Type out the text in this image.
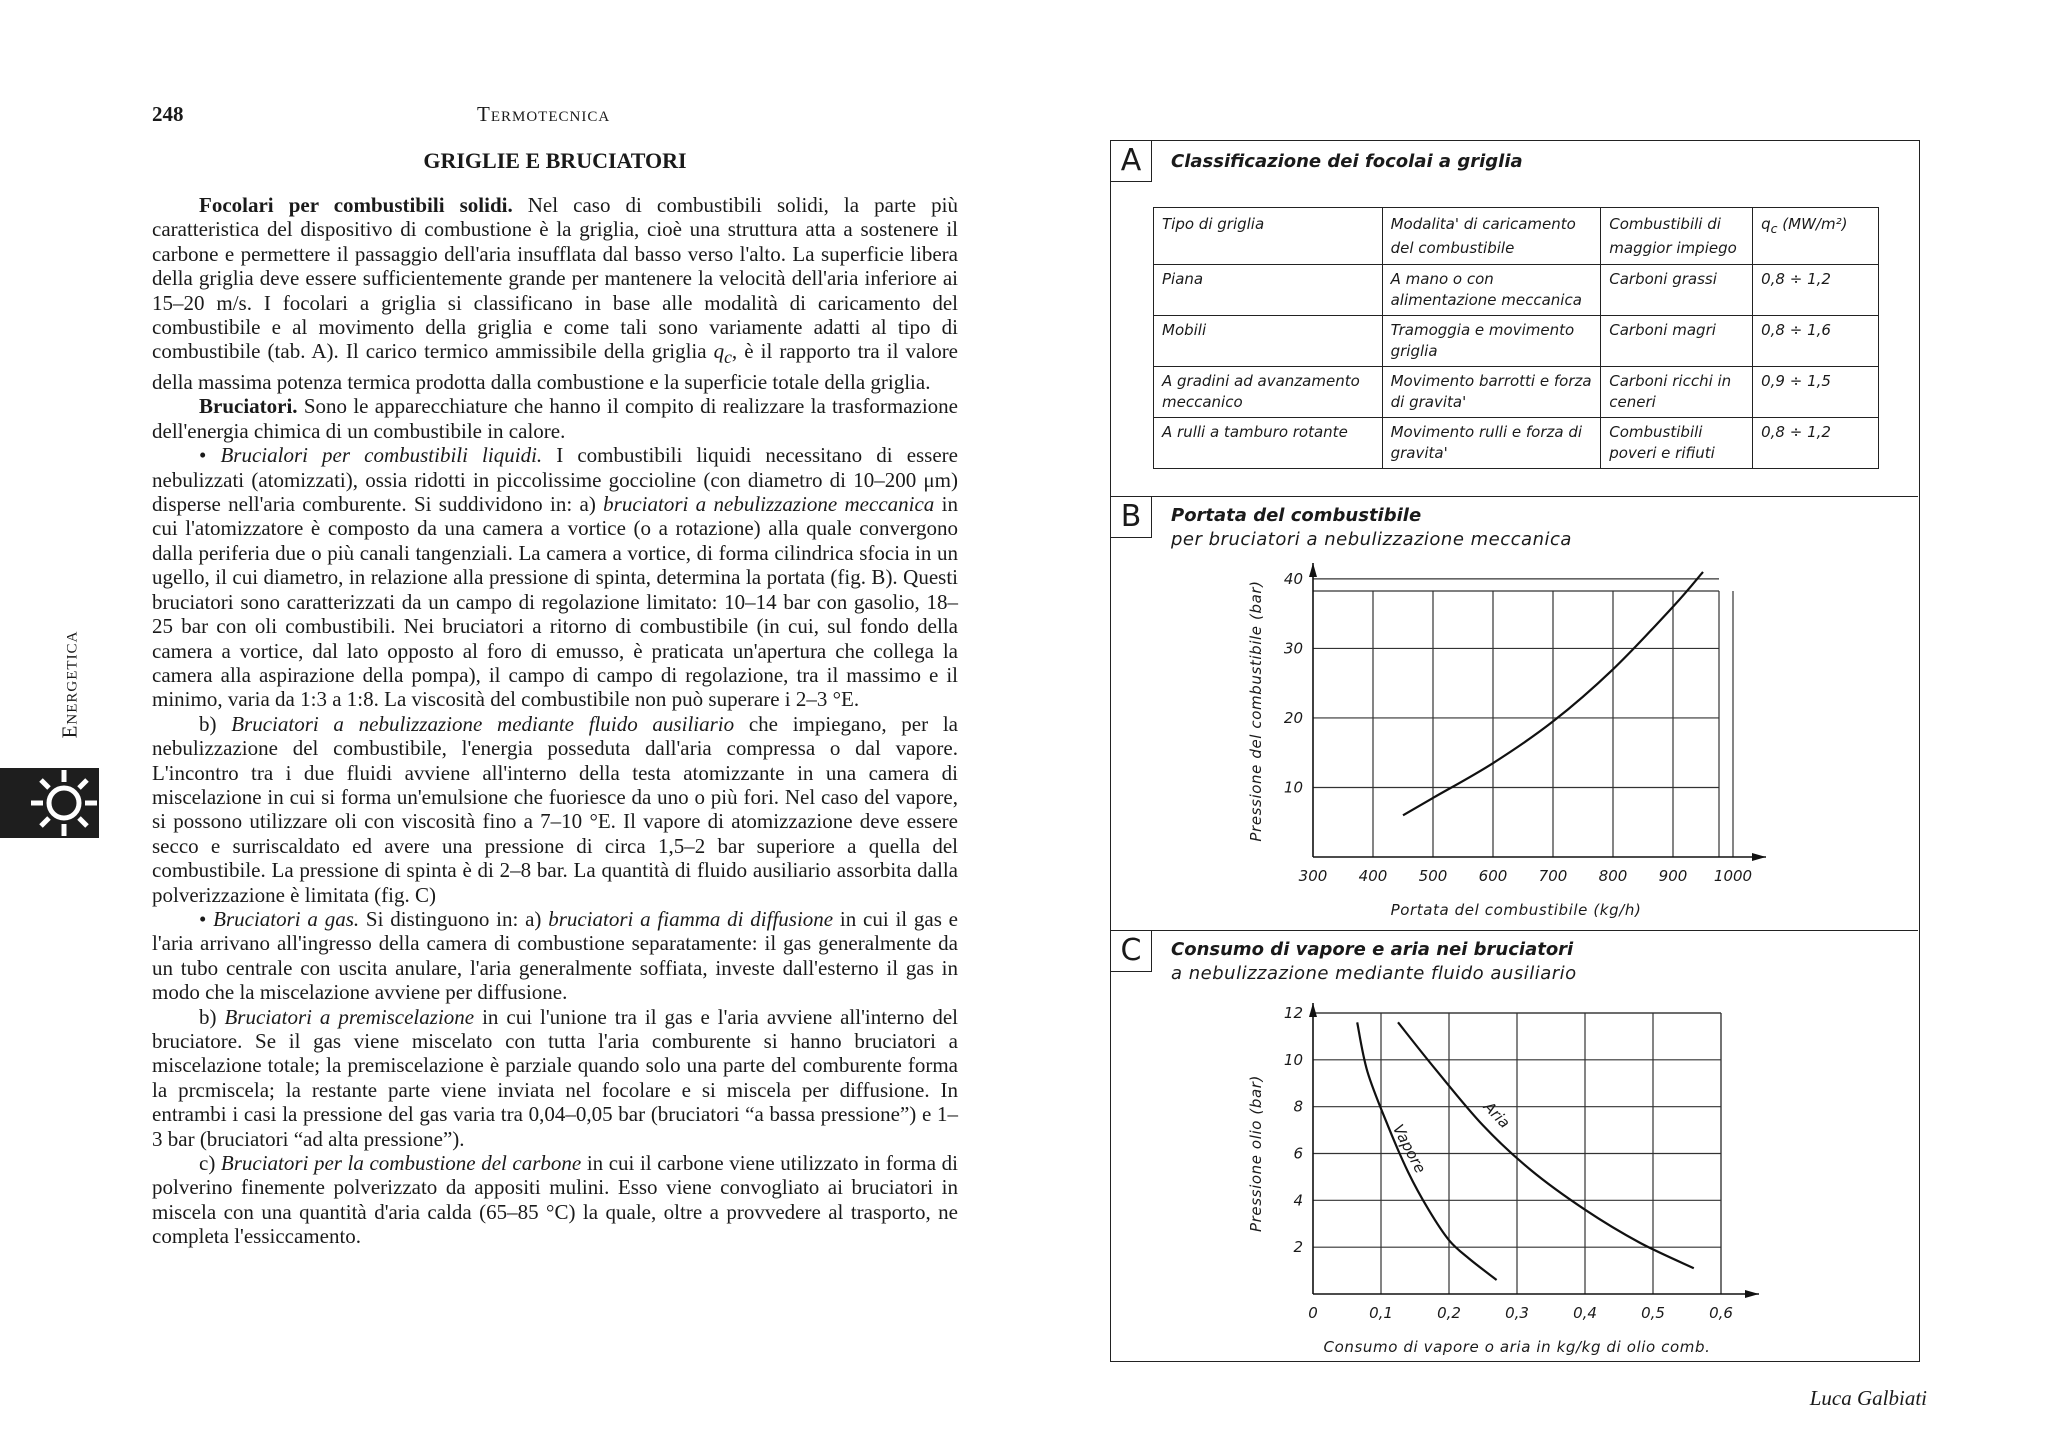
248	Termotecnica
GRIGLIE E BRUCIATORI

Focolari per combustibili solidi. Nel caso di combustibili solidi, la parte più caratteristica del dispositivo di combustione è la griglia, cioè una struttura atta a sostenere il carbone e permettere il passaggio dell'aria insufflata dal basso verso l'alto. La superficie libera della griglia deve essere sufficientemente grande per mantenere la velocità dell'aria inferiore ai 15–20 m/s. I focolari a griglia si classificano in base alle modalità di caricamento del combustibile e al movimento della griglia e come tali sono variamente adatti al tipo di combustibile (tab. A). Il carico termico ammissibile della griglia $q_c$, è il rapporto tra il valore della massima potenza termica prodotta dalla combustione e la superficie totale della griglia.

Bruciatori. Sono le apparecchiature che hanno il compito di realizzare la trasformazione dell'energia chimica di un combustibile in calore.

• Brucialori per combustibili liquidi. I combustibili liquidi necessitano di essere nebulizzati (atomizzati), ossia ridotti in piccolissime goccioline (con diametro di 10–200 μm) disperse nell'aria comburente. Si suddividono in: a) bruciatori a nebulizzazione meccanica in cui l'atomizzatore è composto da una camera a vortice (o a rotazione) alla quale convergono dalla periferia due o più canali tangenziali. La camera a vortice, di forma cilindrica sfocia in un ugello, il cui diametro, in relazione alla pressione di spinta, determina la portata (fig. B). Questi bruciatori sono caratterizzati da un campo di regolazione limitato: 10–14 bar con gasolio, 18–25 bar con oli combustibili. Nei bruciatori a ritorno di combustibile (in cui, sul fondo della camera a vortice, dal lato opposto al foro di emusso, è praticata un'apertura che collega la camera alla aspirazione della pompa), il campo di campo di regolazione, tra il massimo e il minimo, varia da 1:3 a 1:8. La viscosità del combustibile non può superare i 2–3 °E.

b) Bruciatori a nebulizzazione mediante fluido ausiliario che impiegano, per la nebulizzazione del combustibile, l'energia posseduta dall'aria compressa o dal vapore. L'incontro tra i due fluidi avviene all'interno della testa atomizzante in una camera di miscelazione in cui si forma un'emulsione che fuoriesce da uno o più fori. Nel caso del vapore, si possono utilizzare oli con viscosità fino a 7–10 °E. Il vapore di atomizzazione deve essere secco e surriscaldato ed avere una pressione di circa 1,5–2 bar superiore a quella del combustibile. La pressione di spinta è di 2–8 bar. La quantità di fluido ausiliario assorbita dalla polverizzazione è limitata (fig. C)

• Bruciatori a gas. Si distinguono in: a) bruciatori a fiamma di diffusione in cui il gas e l'aria arrivano all'ingresso della camera di combustione separatamente: il gas generalmente da un tubo centrale con uscita anulare, l'aria generalmente soffiata, investe dall'esterno il gas in modo che la miscelazione avviene per diffusione.

b) Bruciatori a premiscelazione in cui l'unione tra il gas e l'aria avviene all'interno del bruciatore. Se il gas viene miscelato con tutta l'aria comburente si hanno bruciatori a miscelazione totale; la premiscelazione è parziale quando solo una parte del comburente forma la prcmiscela; la restante parte viene inviata nel focolare e si miscela per diffusione. In entrambi i casi la pressione del gas varia tra 0,04–0,05 bar (bruciatori “a bassa pressione”) e 1–3 bar (bruciatori “ad alta pressione”).

c) Bruciatori per la combustione del carbone in cui il carbone viene utilizzato in forma di polverino finemente polverizzato da appositi mulini. Esso viene convogliato ai bruciatori in miscela con una quantità d'aria calda (65–85 °C) la quale, oltre a provvedere al trasporto, ne completa l'essiccamento.

Energetica
Luca Galbiati
A	Classificazione dei focolai a griglia
Tipo di griglia	Modalita' di caricamento del combustibile	Combustibili di maggior impiego	$q_c$ (MW/m²)
Piana	A mano o con alimentazione meccanica	Carboni grassi	0,8 ÷ 1,2
Mobili	Tramoggia e movimento griglia	Carboni magri	0,8 ÷ 1,6
A gradini ad avanzamento meccanico	Movimento barrotti e forza di gravita'	Carboni ricchi in ceneri	0,9 ÷ 1,5
A rulli a tamburo rotante	Movimento rulli e forza di gravita'	Combustibili poveri e rifiuti	0,8 ÷ 1,2
B	Portata del combustibile
per bruciatori a nebulizzazione meccanica
300 400 500 600 700 800 900 1000
10
20
30
40
Portata del combustibile (kg/h)
Pressione del combustibile (bar)
C	Consumo di vapore e aria nei bruciatori
a nebulizzazione mediante fluido ausiliario
0	0,1	0,2	0,3	0,4	0,5	0,6
2
4
6
8
10
12
Consumo di vapore o aria in kg/kg di olio comb.
Pressione olio (bar)	Vapore
Aria
